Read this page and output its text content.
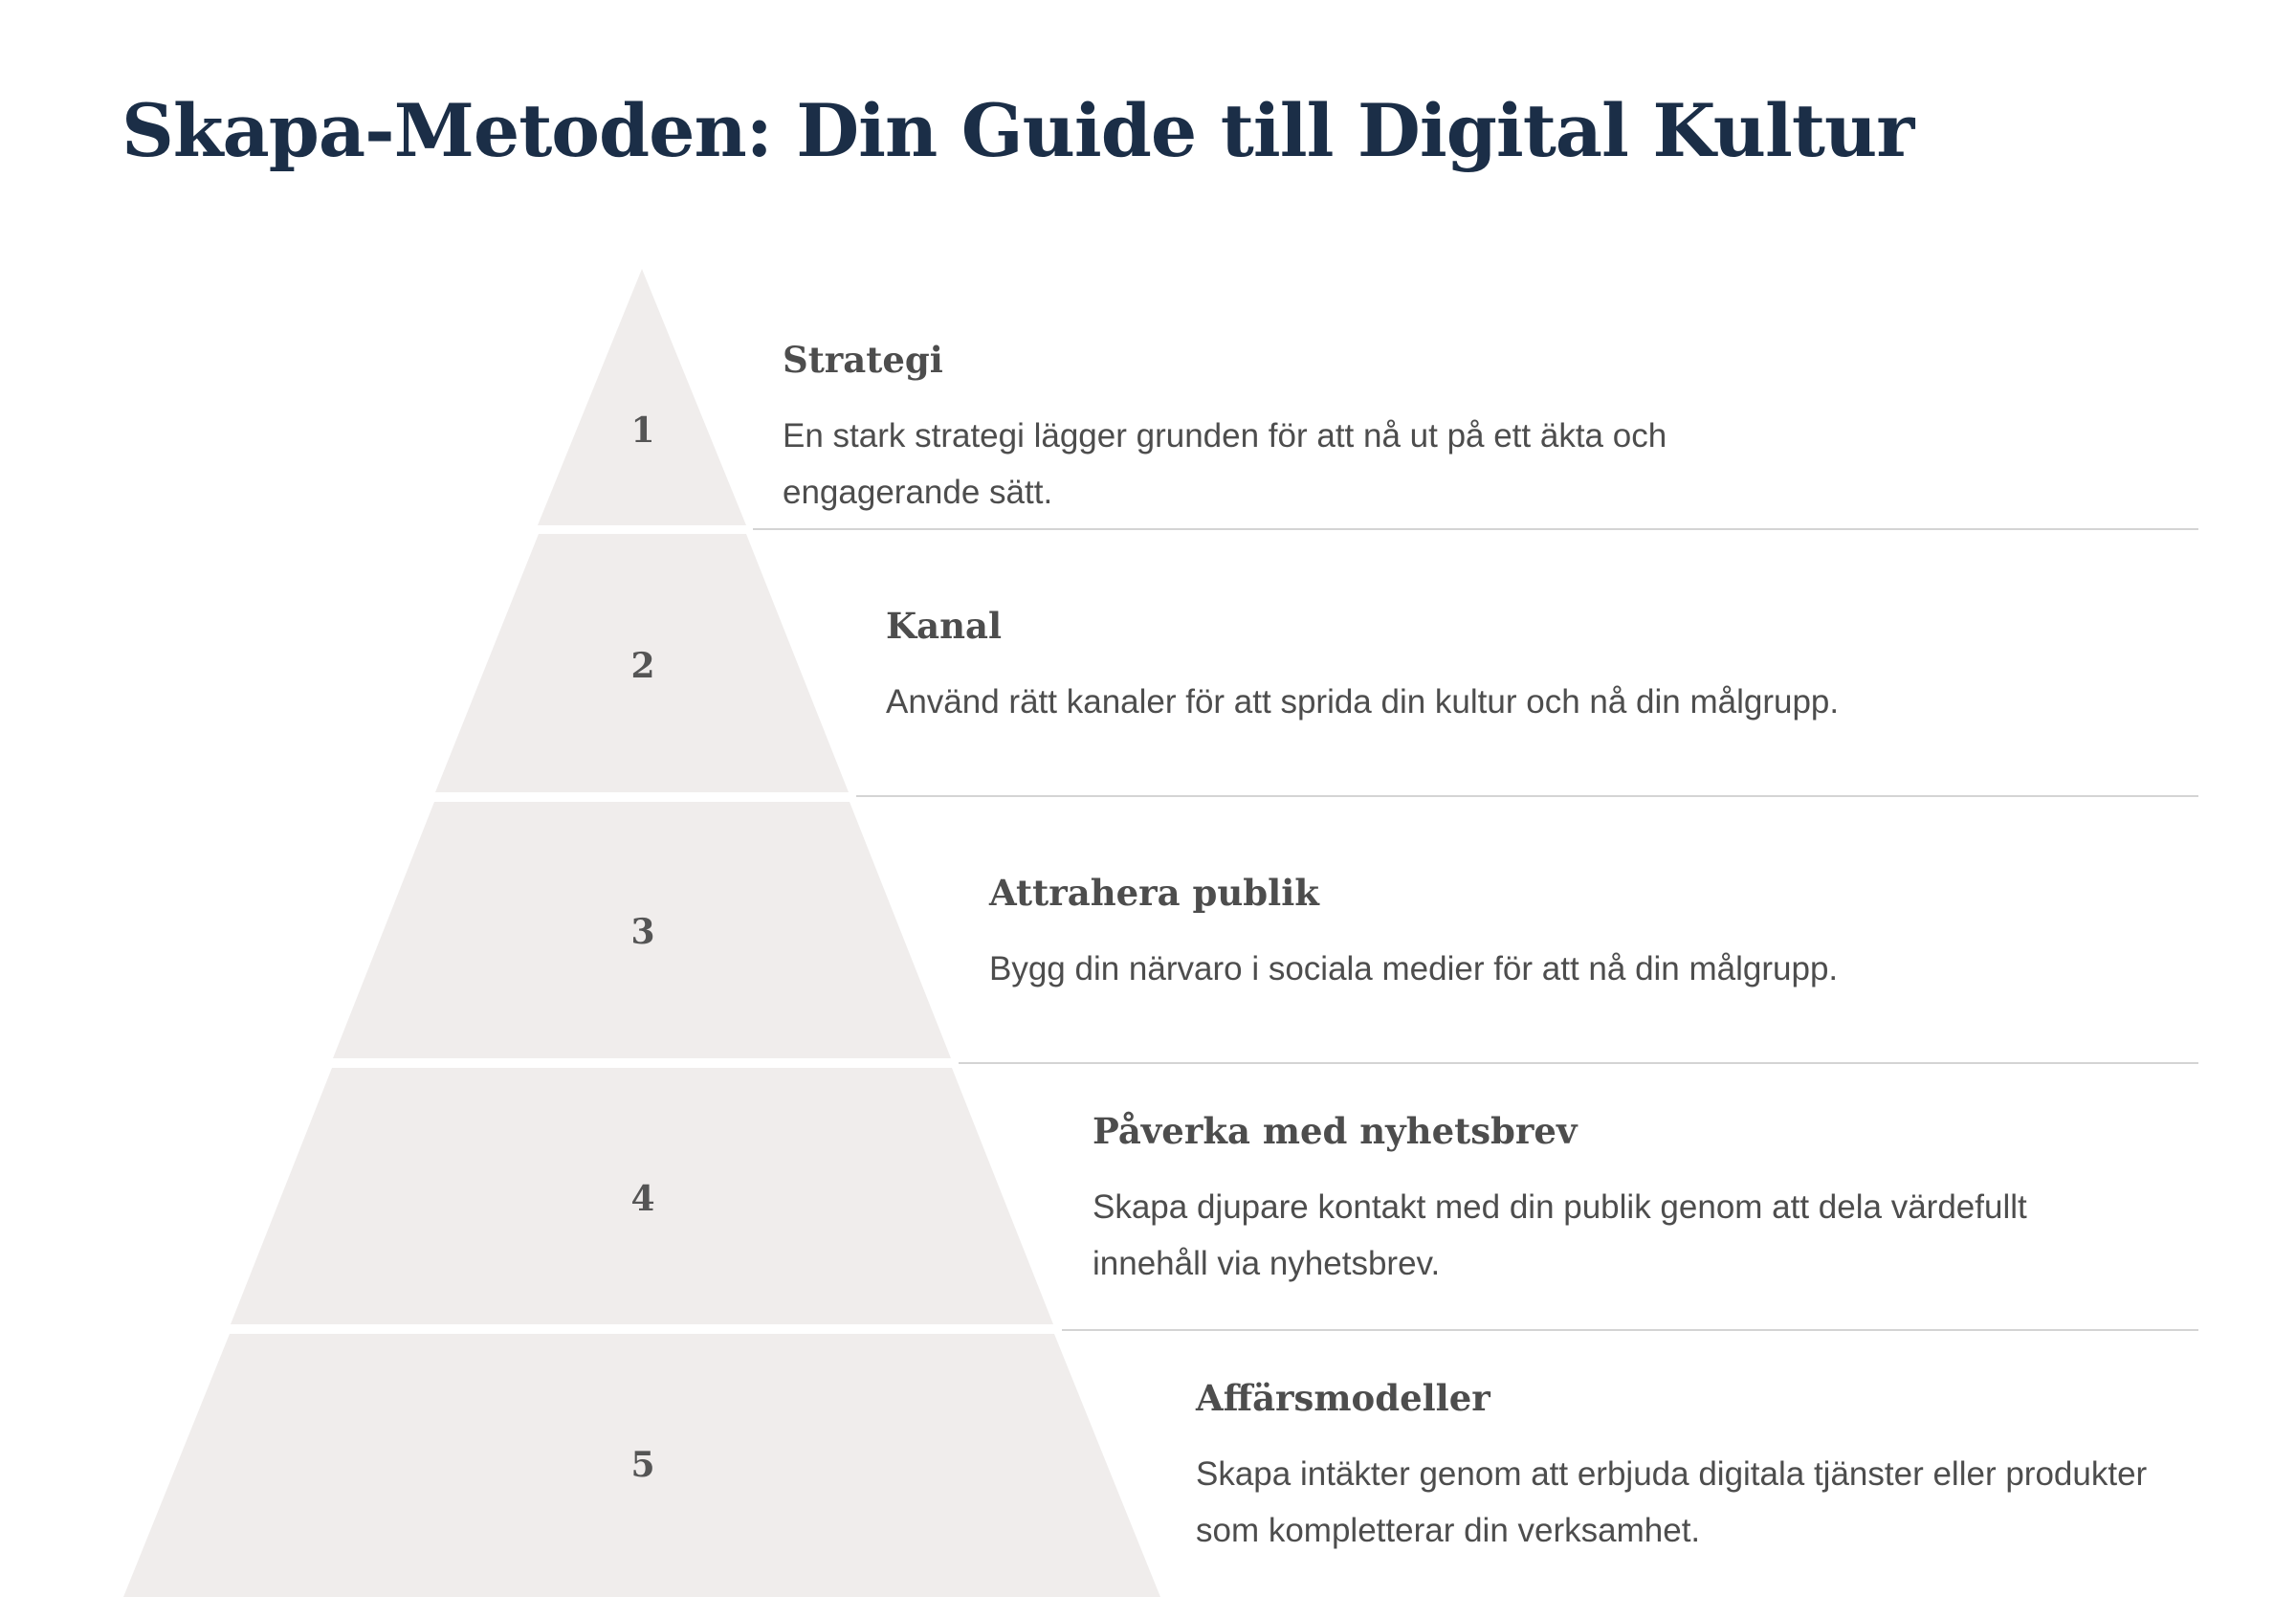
Skapa-Metoden: Din Guide till Digital Kultur
1
2
3
4
5
Strategi

En stark strategi lägger grunden för att nå ut på ett äkta och engagerande sätt.

Kanal

Använd rätt kanaler för att sprida din kultur och nå din målgrupp.

Attrahera publik

Bygg din närvaro i sociala medier för att nå din målgrupp.

Påverka med nyhetsbrev

Skapa djupare kontakt med din publik genom att dela värdefullt innehåll via nyhetsbrev.

Affärsmodeller

Skapa intäkter genom att erbjuda digitala tjänster eller produkter som kompletterar din verksamhet.
